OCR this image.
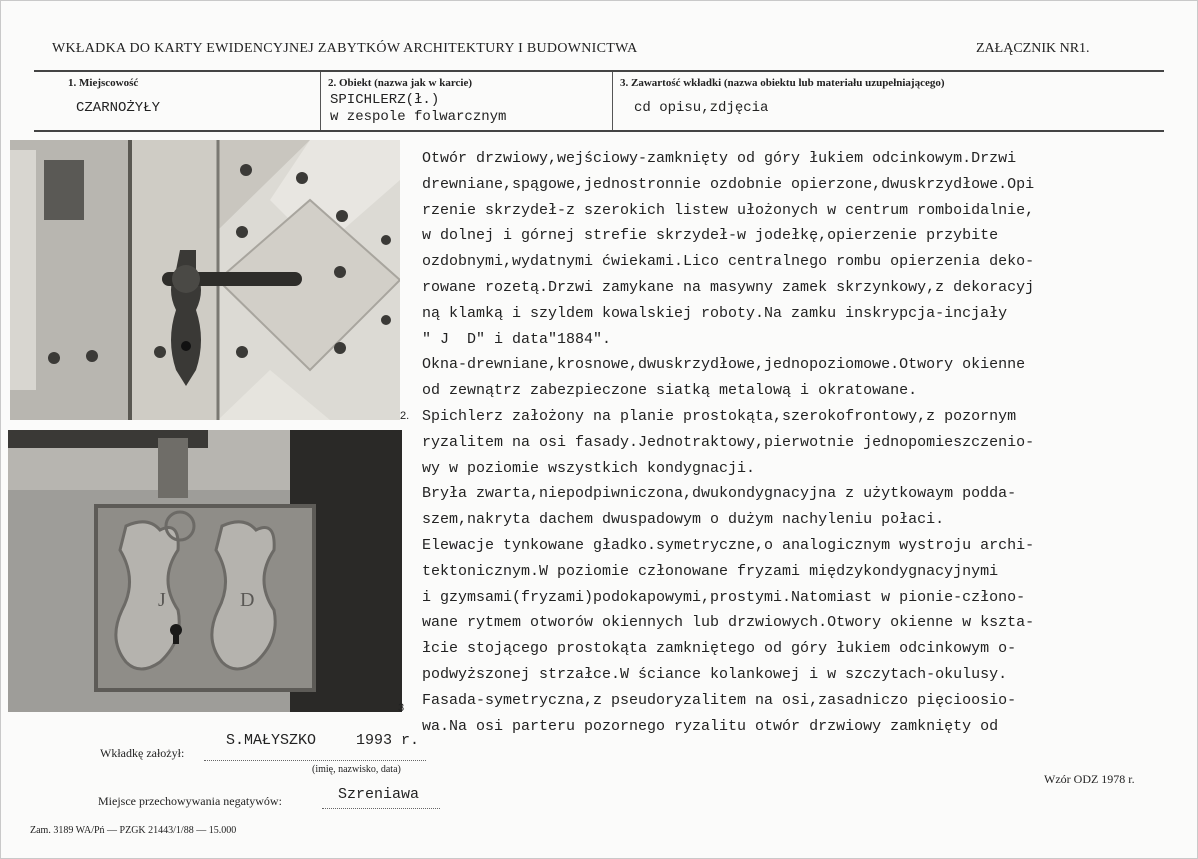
WKŁADKA DO KARTY EWIDENCYJNEJ ZABYTKÓW ARCHITEKTURY I BUDOWNICTWA	ZAŁĄCZNIK NR1.
1. Miejscowość
CZARNOŻYŁY
2. Obiekt (nazwa jak w karcie)
SPICHLERZ(ł.)
w zespole folwarcznym
3. Zawartość wkładki (nazwa obiektu lub materiału uzupełniającego)
cd opisu,zdjęcia
2.
D
J
3
Otwór drzwiowy,wejściowy-zamknięty od góry łukiem odcinkowym.Drzwi
drewniane,spągowe,jednostronnie ozdobnie opierzone,dwuskrzydłowe.Opi
rzenie skrzydeł-z szerokich listew ułożonych w centrum romboidalnie,
w dolnej i górnej strefie skrzydeł-w jodełkę,opierzenie przybite
ozdobnymi,wydatnymi ćwiekami.Lico centralnego rombu opierzenia deko-
rowane rozetą.Drzwi zamykane na masywny zamek skrzynkowy,z dekoracyj
ną klamką i szyldem kowalskiej roboty.Na zamku inskrypcja-incjały
" J  D" i data"1884".
Okna-drewniane,krosnowe,dwuskrzydłowe,jednopoziomowe.Otwory okienne
od zewnątrz zabezpieczone siatką metalową i okratowane.
Spichlerz założony na planie prostokąta,szerokofrontowy,z pozornym
ryzalitem na osi fasady.Jednotraktowy,pierwotnie jednopomieszczenio-
wy w poziomie wszystkich kondygnacji.
Bryła zwarta,niepodpiwniczona,dwukondygnacyjna z użytkowaym podda-
szem,nakryta dachem dwuspadowym o dużym nachyleniu połaci.
Elewacje tynkowane gładko.symetryczne,o analogicznym wystroju archi-
tektonicznym.W poziomie członowane fryzami międzykondygnacyjnymi
i gzymsami(fryzami)podokapowymi,prostymi.Natomiast w pionie-człono-
wane rytmem otworów okiennych lub drzwiowych.Otwory okienne w kszta-
łcie stojącego prostokąta zamkniętego od góry łukiem odcinkowym o-
podwyższonej strzałce.W ściance kolankowej i w szczytach-okulusy.
Fasada-symetryczna,z pseudoryzalitem na osi,zasadniczo pięcioosio-
wa.Na osi parteru pozornego ryzalitu otwór drzwiowy zamknięty od
S.MAŁYSZKO	1993 r.
Wkładkę założył:
(imię, nazwisko, data)
Wzór ODZ 1978 r.
Szreniawa
Miejsce przechowywania negatywów:
Zam. 3189 WA/Pń — PZGK 21443/1/88 — 15.000
